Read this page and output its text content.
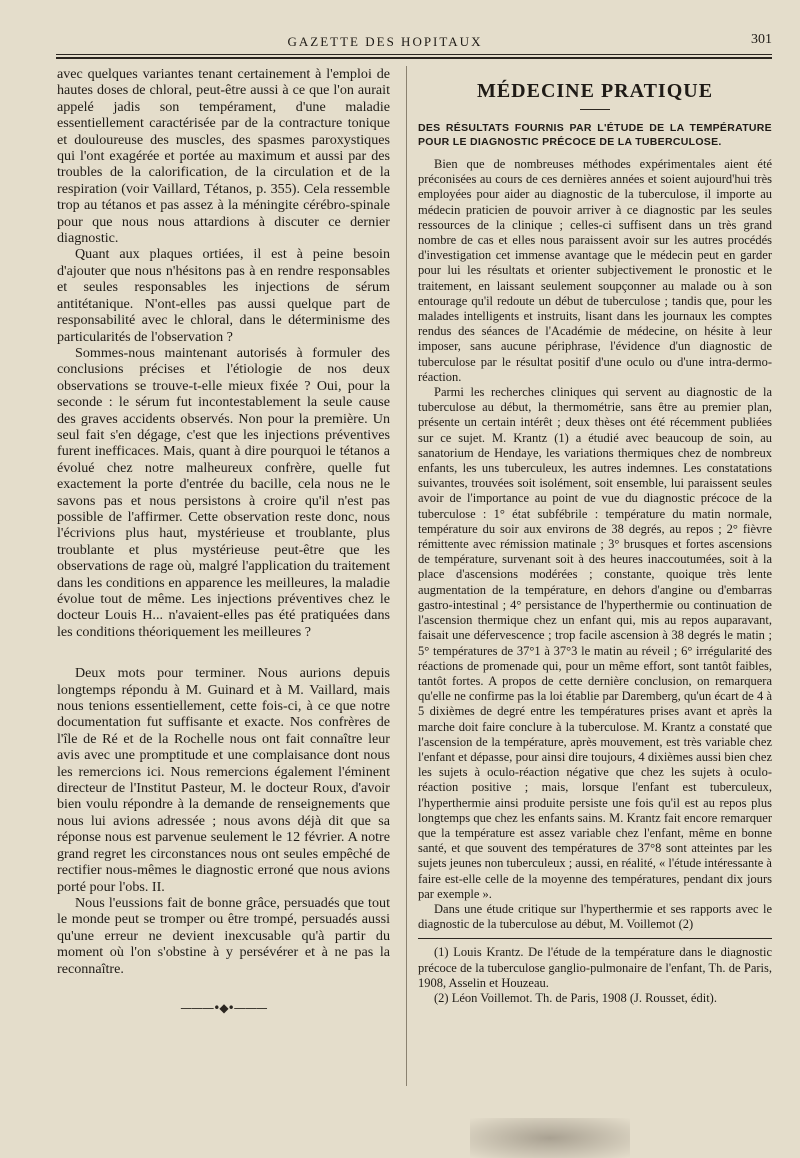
GAZETTE DES HOPITAUX	301

avec quelques variantes tenant certainement à l'emploi de hautes doses de chloral, peut-être aussi à ce que l'on aurait appelé jadis son tempérament, d'une maladie essentiellement caractérisée par de la contracture tonique et douloureuse des muscles, des spasmes paroxystiques qui l'ont exagérée et portée au maximum et aussi par des troubles de la calorification, de la circulation et de la respiration (voir Vaillard, Tétanos, p. 355). Cela ressemble trop au tétanos et pas assez à la méningite cérébro-spinale pour que nous nous attardions à discuter ce dernier diagnostic.

Quant aux plaques ortiées, il est à peine besoin d'ajouter que nous n'hésitons pas à en rendre responsables et seules responsables les injections de sérum antitétanique. N'ont-elles pas aussi quelque part de responsabilité avec le chloral, dans le déterminisme des particularités de l'observation ?

Sommes-nous maintenant autorisés à formuler des conclusions précises et l'étiologie de nos deux observations se trouve-t-elle mieux fixée ? Oui, pour la seconde : le sérum fut incontestablement la seule cause des graves accidents observés. Non pour la première. Un seul fait s'en dégage, c'est que les injections préventives furent inefficaces. Mais, quant à dire pourquoi le tétanos a évolué chez notre malheureux confrère, quelle fut exactement la porte d'entrée du bacille, cela nous ne le savons pas et nous persistons à croire qu'il n'est pas possible de l'affirmer. Cette observation reste donc, nous l'écrivions plus haut, mystérieuse et troublante, plus troublante et plus mystérieuse peut-être que les observations de rage où, malgré l'application du traitement dans les conditions en apparence les meilleures, la maladie évolue tout de même. Les injections préventives chez le docteur Louis H... n'avaient-elles pas été pratiquées dans les conditions théoriquement les meilleures ?

Deux mots pour terminer. Nous aurions depuis longtemps répondu à M. Guinard et à M. Vaillard, mais nous tenions essentiellement, cette fois-ci, à ce que notre documentation fut suffisante et exacte. Nos confrères de l'île de Ré et de la Rochelle nous ont fait connaître leur avis avec une promptitude et une complaisance dont nous les remercions ici. Nous remercions également l'éminent directeur de l'Institut Pasteur, M. le docteur Roux, d'avoir bien voulu répondre à la demande de renseignements que nous lui avions adressée ; nous avons déjà dit que sa réponse nous est parvenue seulement le 12 février. A notre grand regret les circonstances nous ont seules empêché de rectifier nous-mêmes le diagnostic erroné que nous avions porté pour l'obs. II.

Nous l'eussions fait de bonne grâce, persuadés que tout le monde peut se tromper ou être trompé, persuadés aussi qu'une erreur ne devient inexcusable qu'à partir du moment où l'on s'obstine à y persévérer et à ne pas la reconnaître.

———•◆•———
MÉDECINE PRATIQUE
DES RÉSULTATS FOURNIS PAR L'ÉTUDE DE LA TEMPÉRATURE POUR LE DIAGNOSTIC PRÉCOCE DE LA TUBERCULOSE.

Bien que de nombreuses méthodes expérimentales aient été préconisées au cours de ces dernières années et soient aujourd'hui très employées pour aider au diagnostic de la tuberculose, il importe au médecin praticien de pouvoir arriver à ce diagnostic par les seules ressources de la clinique ; celles-ci suffisent dans un très grand nombre de cas et elles nous paraissent avoir sur les autres procédés d'investigation cet immense avantage que le médecin peut en garder pour lui les résultats et orienter subjectivement le pronostic et le traitement, en laissant seulement soupçonner au malade ou à son entourage qu'il redoute un début de tuberculose ; tandis que, pour les malades intelligents et instruits, lisant dans les journaux les comptes rendus des séances de l'Académie de médecine, on hésite à leur imposer, sans aucune périphrase, l'évidence d'un diagnostic de tuberculose par le résultat positif d'une oculo ou d'une intra-dermo-réaction.

Parmi les recherches cliniques qui servent au diagnostic de la tuberculose au début, la thermométrie, sans être au premier plan, présente un certain intérêt ; deux thèses ont été récemment publiées sur ce sujet. M. Krantz (1) a étudié avec beaucoup de soin, au sanatorium de Hendaye, les variations thermiques chez de nombreux enfants, les uns tuberculeux, les autres indemnes. Les constatations suivantes, trouvées soit isolément, soit ensemble, lui paraissent seules avoir de l'importance au point de vue du diagnostic précoce de la tuberculose : 1° état subfébrile : température du matin normale, température du soir aux environs de 38 degrés, au repos ; 2° fièvre rémittente avec rémission matinale ; 3° brusques et fortes ascensions de température, survenant soit à des heures inaccoutumées, soit à la place d'ascensions modérées ; constante, quoique très lente augmentation de la température, en dehors d'angine ou d'embarras gastro-intestinal ; 4° persistance de l'hyperthermie ou continuation de l'ascension thermique chez un enfant qui, mis au repos auparavant, faisait une défervescence ; trop facile ascension à 38 degrés le matin ; 5° températures de 37°1 à 37°3 le matin au réveil ; 6° irrégularité des réactions de promenade qui, pour un même effort, sont tantôt faibles, tantôt fortes. A propos de cette dernière conclusion, on remarquera qu'elle ne confirme pas la loi établie par Daremberg, qu'un écart de 4 à 5 dixièmes de degré entre les températures prises avant et après la marche doit faire conclure à la tuberculose. M. Krantz a constaté que l'ascension de la température, après mouvement, est très variable chez l'enfant et dépasse, pour ainsi dire toujours, 4 dixièmes aussi bien chez les sujets à oculo-réaction négative que chez les sujets à oculo-réaction positive ; mais, lorsque l'enfant est tuberculeux, l'hyperthermie ainsi produite persiste une fois qu'il est au repos plus longtemps que chez les enfants sains. M. Krantz fait encore remarquer que la température est assez variable chez l'enfant, même en bonne santé, et que souvent des températures de 37°8 sont atteintes par les sujets jeunes non tuberculeux ; aussi, en réalité, « l'étude intéressante à faire est-elle celle de la moyenne des températures, pendant dix jours par exemple ».

Dans une étude critique sur l'hyperthermie et ses rapports avec le diagnostic de la tuberculose au début, M. Voillemot (2)

(1) Louis Krantz. De l'étude de la température dans le diagnostic précoce de la tuberculose ganglio-pulmonaire de l'enfant, Th. de Paris, 1908, Asselin et Houzeau.

(2) Léon Voillemot. Th. de Paris, 1908 (J. Rousset, édit).
